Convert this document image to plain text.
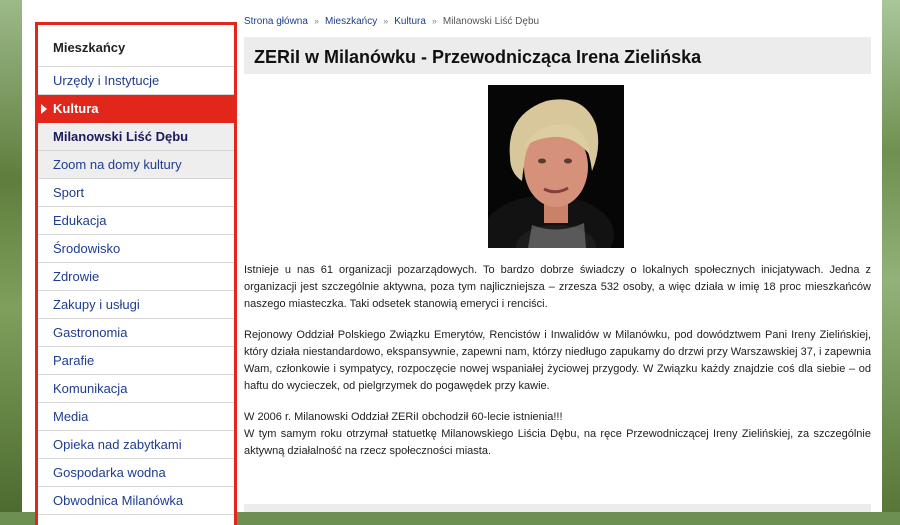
Mieszkańcy
Urzędy i Instytucje
Kultura
Milanowski Liść Dębu
Zoom na domy kultury
Sport
Edukacja
Środowisko
Zdrowie
Zakupy i usługi
Gastronomia
Parafie
Komunikacja
Media
Opieka nad zabytkami
Gospodarka wodna
Obwodnica Milanówka
Strona główna » Mieszkańcy » Kultura » Milanowski Liść Dębu
ZERiI w Milanówku - Przewodnicząca Irena Zielińska

Istnieje u nas 61 organizacji pozarządowych. To bardzo dobrze świadczy o lokalnych społecznych inicjatywach. Jedna z organizacji jest szczególnie aktywna, poza tym najliczniejsza – zrzesza 532 osoby, a więc działa w imię 18 proc mieszkańców naszego miasteczka. Taki odsetek stanowią emeryci i renciści.

Rejonowy Oddział Polskiego Związku Emerytów, Rencistów i Inwalidów w Milanówku, pod dowództwem Pani Ireny Zielińskiej, który działa niestandardowo, ekspansywnie, zapewni nam, którzy niedługo zapukamy do drzwi przy Warszawskiej 37, i zapewnia Wam, członkowie i sympatycy, rozpoczęcie nowej wspaniałej życiowej przygody. W Związku każdy znajdzie coś dla siebie – od haftu do wycieczek, od pielgrzymek do pogawędek przy kawie.

W 2006 r. Milanowski Oddział ZERiI obchodził 60-lecie istnienia!!!

W tym samym roku otrzymał statuetkę Milanowskiego Liścia Dębu, na ręce Przewodniczącej Ireny Zielińskiej, za szczególnie aktywną działalność na rzecz społeczności miasta.
